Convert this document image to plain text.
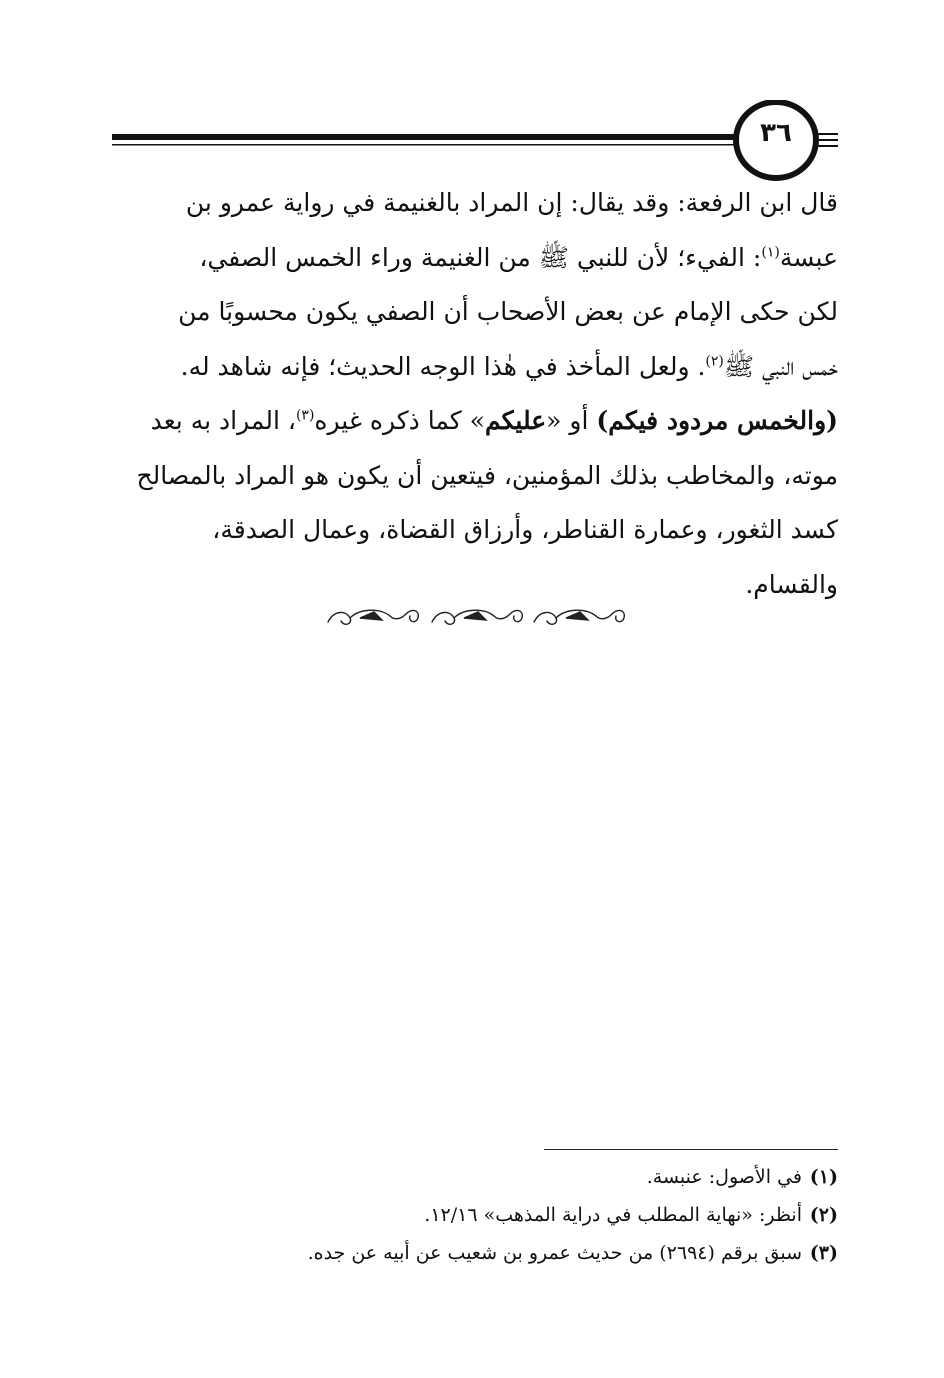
٣٦

قال ابن الرفعة: وقد يقال: إن المراد بالغنيمة في رواية عمرو بن

عبسة$^{(١)}$: الفيء؛ لأن للنبي ﷺ من الغنيمة وراء الخمس الصفي،

لكن حكى الإمام عن بعض الأصحاب أن الصفي يكون محسوبًا من

خمس النبي ﷺ$^{(٢)}$. ولعل المأخذ في هٰذا الوجه الحديث؛ فإنه شاهد له.

(والخمس مردود فيكم) أو «عليكم» كما ذكره غيره$^{(٣)}$، المراد به بعد

موته، والمخاطب بذلك المؤمنين، فيتعين أن يكون هو المراد بالمصالح

كسد الثغور، وعمارة القناطر، وأرزاق القضاة، وعمال الصدقة،

والقسام.

(١)في الأصول: عنبسة.

(٢)أنظر: «نهاية المطلب في دراية المذهب» ١٢/١٦.

(٣)سبق برقم (٢٦٩٤) من حديث عمرو بن شعيب عن أبيه عن جده.
